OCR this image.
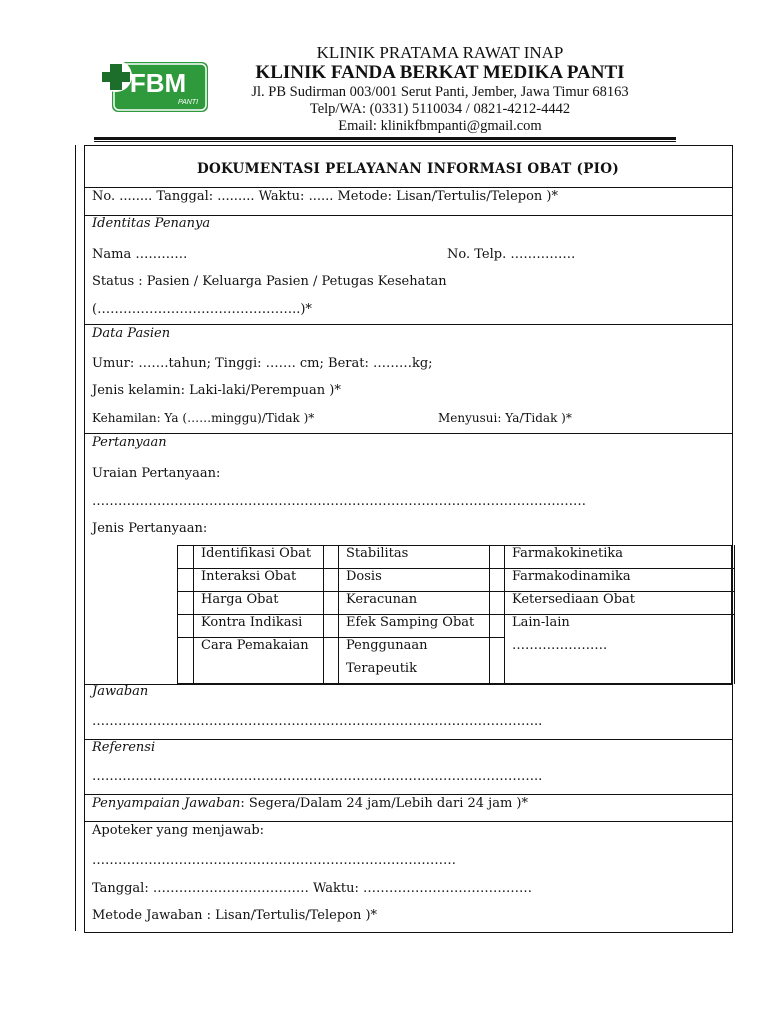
FBM
PANTI
KLINIK PRATAMA RAWAT INAP
KLINIK FANDA BERKAT MEDIKA PANTI
Jl. PB Sudirman 003/001 Serut Panti, Jember, Jawa Timur 68163
Telp/WA: (0331) 5110034 / 0821-4212-4442
Email: klinikfbmpanti@gmail.com
DOKUMENTASI PELAYANAN INFORMASI OBAT (PIO)
No. ........ Tanggal: ......... Waktu: ...... Metode: Lisan/Tertulis/Telepon )*
Identitas Penanya
Nama …………	No. Telp. ……………
Status : Pasien / Keluarga Pasien / Petugas Kesehatan
(………………………………………..)*
Data Pasien
Umur: …….tahun; Tinggi: ……. cm; Berat: ………kg;
Jenis kelamin: Laki-laki/Perempuan )*
Kehamilan: Ya (……minggu)/Tidak )*	Menyusui: Ya/Tidak )*
Pertanyaan
Uraian Pertanyaan:
……………………………………………………………………………………………………
Jenis Pertanyaan:
Identifikasi Obat
Interaksi Obat
Harga Obat
Kontra Indikasi
Cara Pemakaian
Stabilitas
Dosis
Keracunan
Efek Samping Obat
Penggunaan
Terapeutik
Farmakokinetika
Farmakodinamika
Ketersediaan Obat
Lain-lain
………………….
Jawaban
…………………………………………………………………………………………..
Referensi
…………………………………………………………………………………………..
Penyampaian Jawaban: Segera/Dalam 24 jam/Lebih dari 24 jam )*
Apoteker yang menjawab:
…………………………………………………………………………
Tanggal: ……………………………… Waktu: …………………………………
Metode Jawaban : Lisan/Tertulis/Telepon )*
